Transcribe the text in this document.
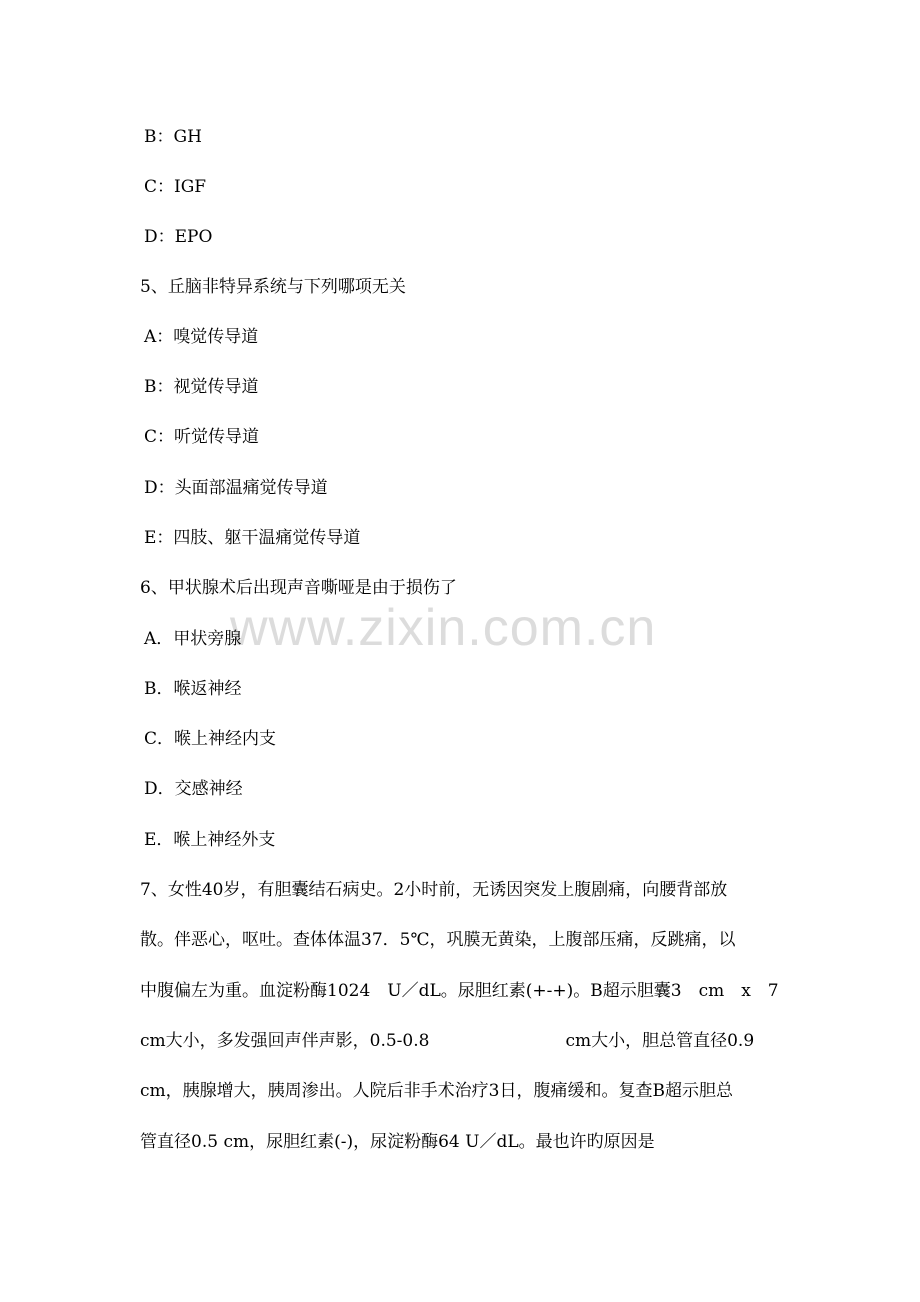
www.zixin.com.cn
B：GH
C：IGF
D：EPO
5、丘脑非特异系统与下列哪项无关
A：嗅觉传导道
B：视觉传导道
C：听觉传导道
D：头面部温痛觉传导道
E：四肢、躯干温痛觉传导道
6、甲状腺术后出现声音嘶哑是由于损伤了
A．甲状旁腺
B．喉返神经
C．喉上神经内支
D．交感神经
E．喉上神经外支
7、女性40岁，有胆囊结石病史。2小时前，无诱因突发上腹剧痛，向腰背部放
散。伴恶心，呕吐。查体体温37．5℃，巩膜无黄染，上腹部压痛，反跳痛，以
中腹偏左为重。血淀粉酶1024　U／dL。尿胆红素(+-+)。B超示胆囊3　cm　x　7
cm大小，多发强回声伴声影，0.5-0.8　　　　　　　　cm大小，胆总管直径0.9
cm，胰腺增大，胰周渗出。人院后非手术治疗3日，腹痛缓和。复查B超示胆总
管直径0.5 cm，尿胆红素(-)，尿淀粉酶64 U／dL。最也许旳原因是
